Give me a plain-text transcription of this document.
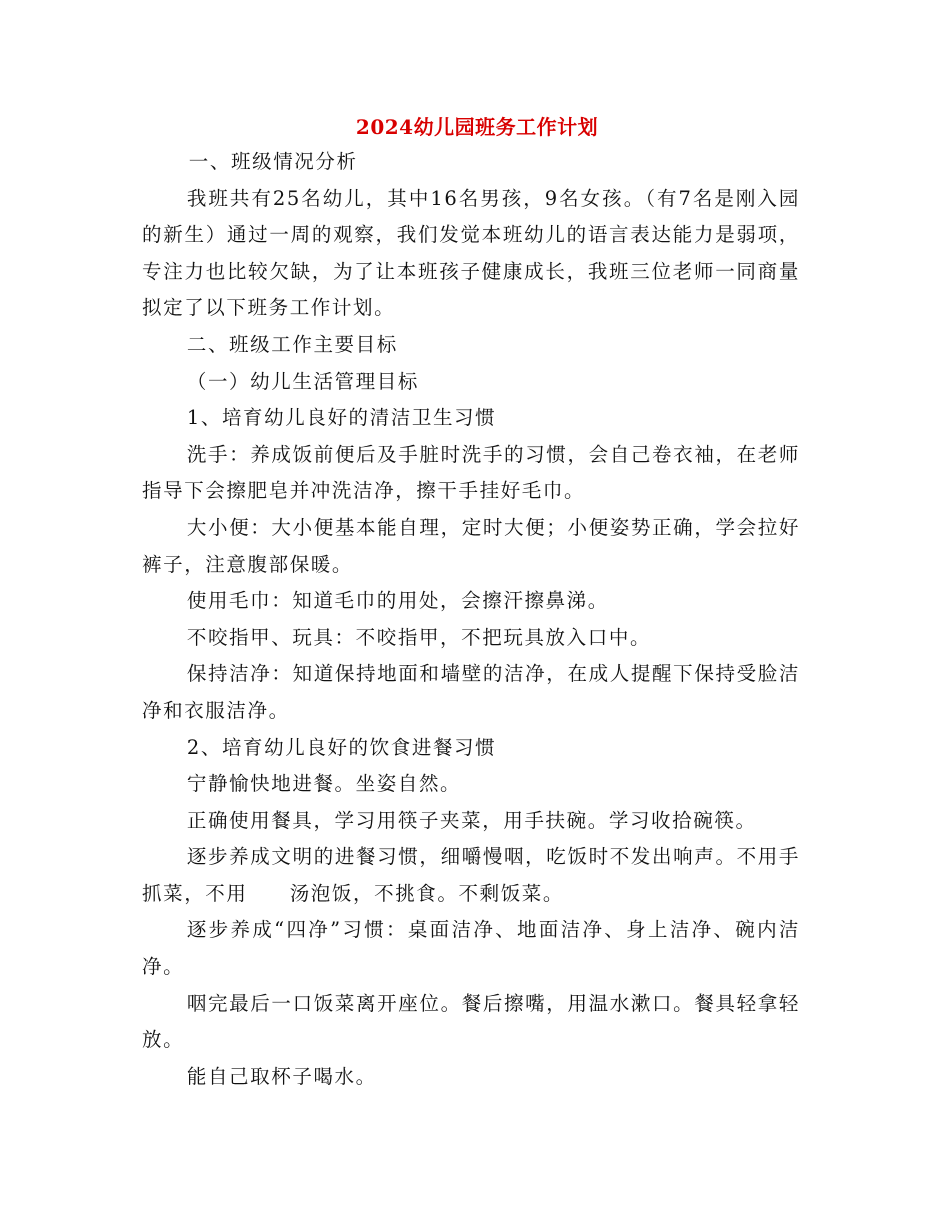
2024幼儿园班务工作计划

一、班级情况分析

我班共有25名幼儿，其中16名男孩，9名女孩。（有7名是刚入园的新生）通过一周的观察，我们发觉本班幼儿的语言表达能力是弱项，专注力也比较欠缺，为了让本班孩子健康成长，我班三位老师一同商量拟定了以下班务工作计划。

二、班级工作主要目标

（一）幼儿生活管理目标

1、培育幼儿良好的清洁卫生习惯

洗手：养成饭前便后及手脏时洗手的习惯，会自己卷衣袖，在老师指导下会擦肥皂并冲洗洁净，擦干手挂好毛巾。

大小便：大小便基本能自理，定时大便；小便姿势正确，学会拉好裤子，注意腹部保暖。

使用毛巾：知道毛巾的用处，会擦汗擦鼻涕。

不咬指甲、玩具：不咬指甲，不把玩具放入口中。

保持洁净：知道保持地面和墙壁的洁净，在成人提醒下保持受脸洁净和衣服洁净。

2、培育幼儿良好的饮食进餐习惯

宁静愉快地进餐。坐姿自然。

正确使用餐具，学习用筷子夹菜，用手扶碗。学习收拾碗筷。

逐步养成文明的进餐习惯，细嚼慢咽，吃饭时不发出响声。不用手抓菜，不用　　汤泡饭，不挑食。不剩饭菜。

逐步养成“四净”习惯：桌面洁净、地面洁净、身上洁净、碗内洁净。

咽完最后一口饭菜离开座位。餐后擦嘴，用温水漱口。餐具轻拿轻放。

能自己取杯子喝水。
